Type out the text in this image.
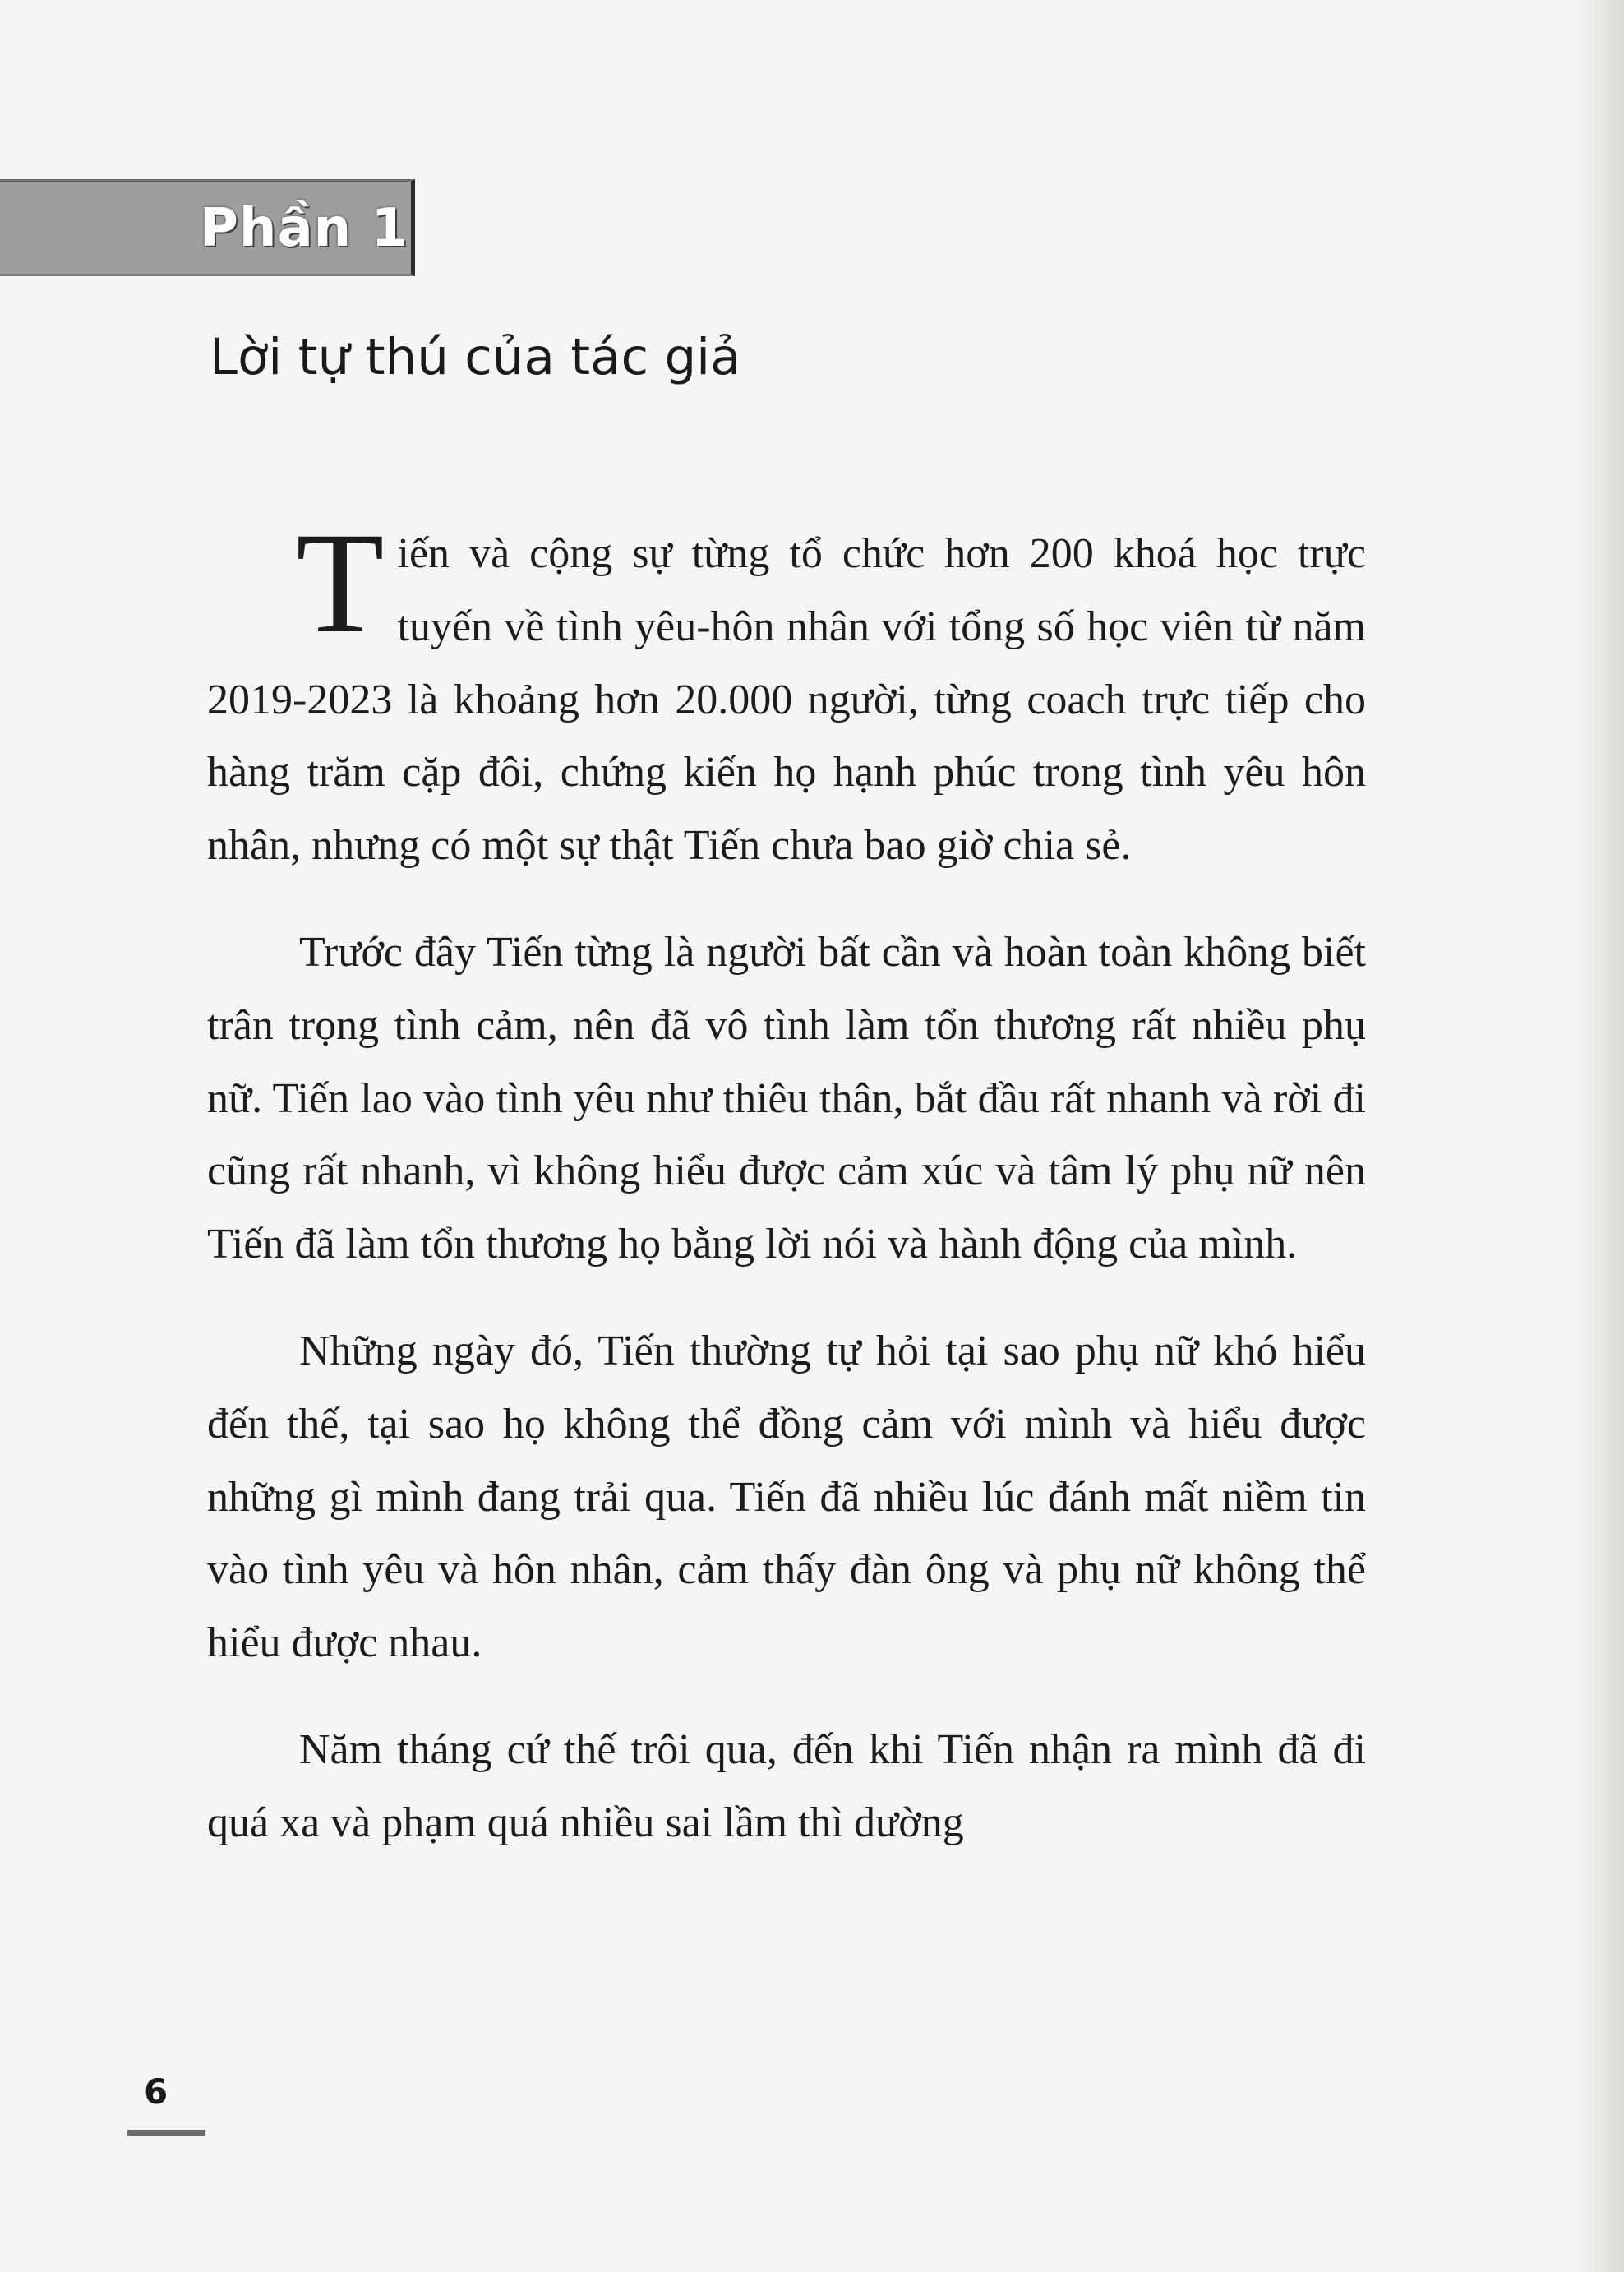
Phần 1
Lời tự thú của tác giả

Tiến và cộng sự từng tổ chức hơn 200 khoá học trực tuyến về tình yêu-hôn nhân với tổng số học viên từ năm 2019-2023 là khoảng hơn 20.000 người, từng coach trực tiếp cho hàng trăm cặp đôi, chứng kiến họ hạnh phúc trong tình yêu hôn nhân, nhưng có một sự thật Tiến chưa bao giờ chia sẻ.

Trước đây Tiến từng là người bất cần và hoàn toàn không biết trân trọng tình cảm, nên đã vô tình làm tổn thương rất nhiều phụ nữ. Tiến lao vào tình yêu như thiêu thân, bắt đầu rất nhanh và rời đi cũng rất nhanh, vì không hiểu được cảm xúc và tâm lý phụ nữ nên Tiến đã làm tổn thương họ bằng lời nói và hành động của mình.

Những ngày đó, Tiến thường tự hỏi tại sao phụ nữ khó hiểu đến thế, tại sao họ không thể đồng cảm với mình và hiểu được những gì mình đang trải qua. Tiến đã nhiều lúc đánh mất niềm tin vào tình yêu và hôn nhân, cảm thấy đàn ông và phụ nữ không thể hiểu được nhau.

Năm tháng cứ thế trôi qua, đến khi Tiến nhận ra mình đã đi quá xa và phạm quá nhiều sai lầm thì dường

6
